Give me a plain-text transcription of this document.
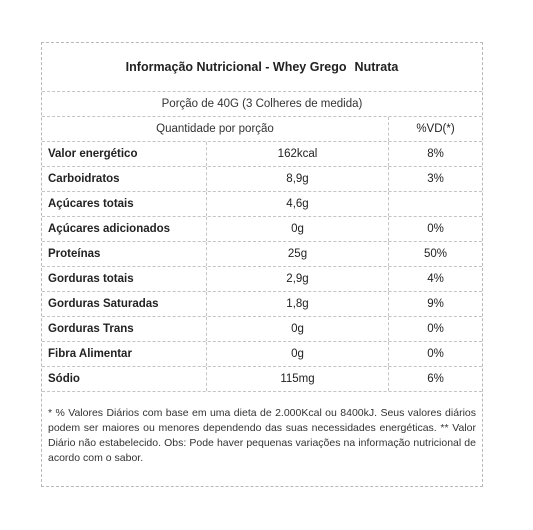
Informação Nutricional - Whey Grego Nutrata
Porção de 40G (3 Colheres de medida)
Quantidade por porção	%VD(*)
Valor energético	162kcal	8%
Carboidratos	8,9g	3%
Açúcares totais	4,6g
Açúcares adicionados	0g	0%
Proteínas	25g	50%
Gorduras totais	2,9g	4%
Gorduras Saturadas	1,8g	9%
Gorduras Trans	0g	0%
Fibra Alimentar	0g	0%
Sódio	115mg	6%
* % Valores Diários com base em uma dieta de 2.000Kcal ou 8400kJ. Seus valores diários podem ser maiores ou menores dependendo das suas necessidades energéticas. ** Valor Diário não estabelecido. Obs: Pode haver pequenas variações na informação nutricional de acordo com o sabor.
